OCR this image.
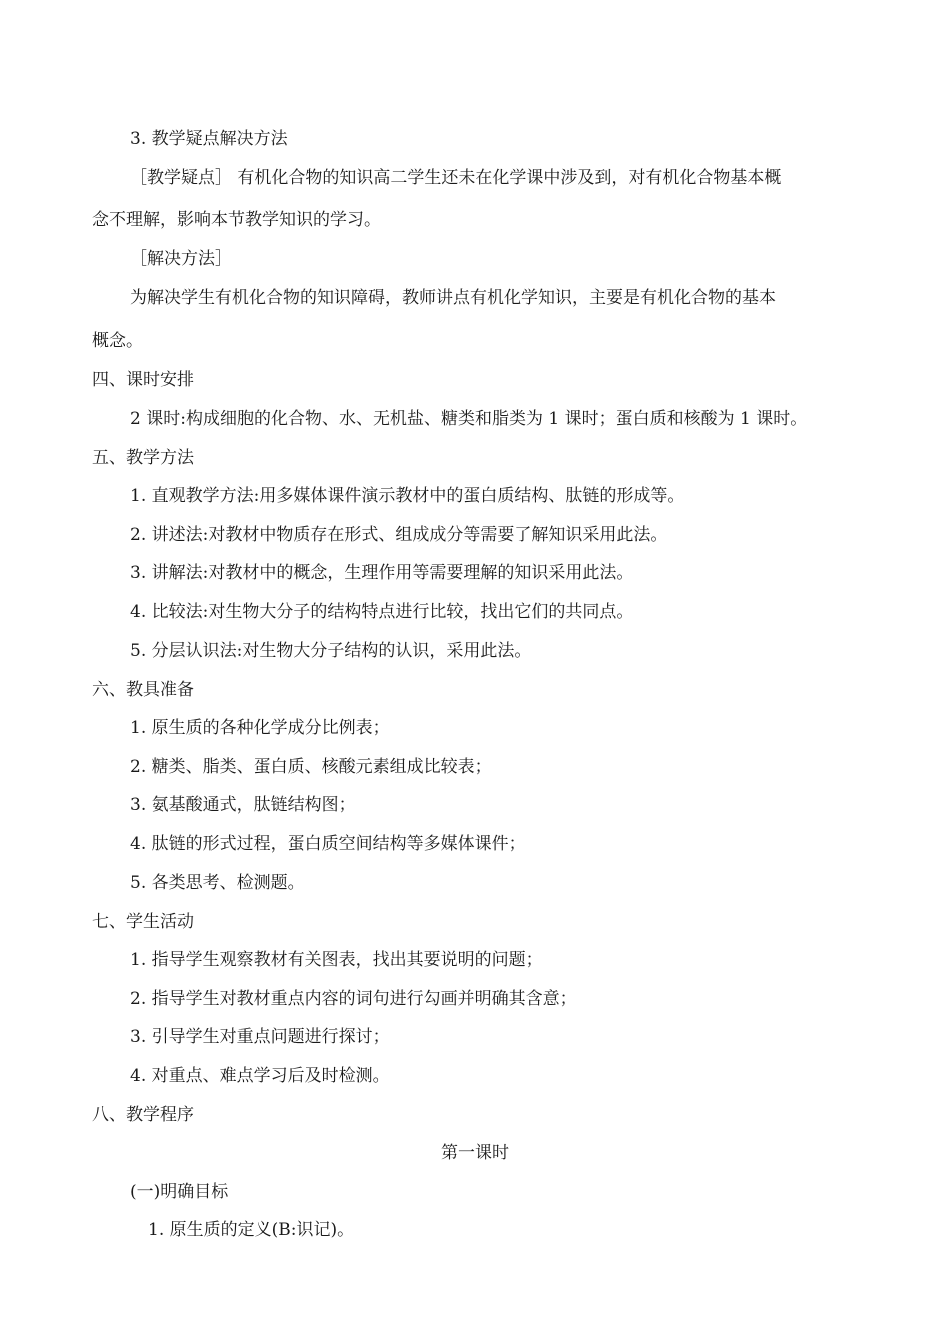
3. 教学疑点解决方法
［教学疑点］ 有机化合物的知识高二学生还未在化学课中涉及到，对有机化合物基本概
念不理解，影响本节教学知识的学习。
［解决方法］
为解决学生有机化合物的知识障碍，教师讲点有机化学知识，主要是有机化合物的基本
概念。
四、课时安排
2 课时:构成细胞的化合物、水、无机盐、糖类和脂类为 1 课时；蛋白质和核酸为 1 课时。
五、教学方法
1. 直观教学方法:用多媒体课件演示教材中的蛋白质结构、肽链的形成等。
2. 讲述法:对教材中物质存在形式、组成成分等需要了解知识采用此法。
3. 讲解法:对教材中的概念，生理作用等需要理解的知识采用此法。
4. 比较法:对生物大分子的结构特点进行比较，找出它们的共同点。
5. 分层认识法:对生物大分子结构的认识，采用此法。
六、教具准备
1. 原生质的各种化学成分比例表；
2. 糖类、脂类、蛋白质、核酸元素组成比较表；
3. 氨基酸通式，肽链结构图；
4. 肽链的形式过程，蛋白质空间结构等多媒体课件；
5. 各类思考、检测题。
七、学生活动
1. 指导学生观察教材有关图表，找出其要说明的问题；
2. 指导学生对教材重点内容的词句进行勾画并明确其含意；
3. 引导学生对重点问题进行探讨；
4. 对重点、难点学习后及时检测。
八、教学程序
第一课时
(一)明确目标
1. 原生质的定义(B:识记)。
